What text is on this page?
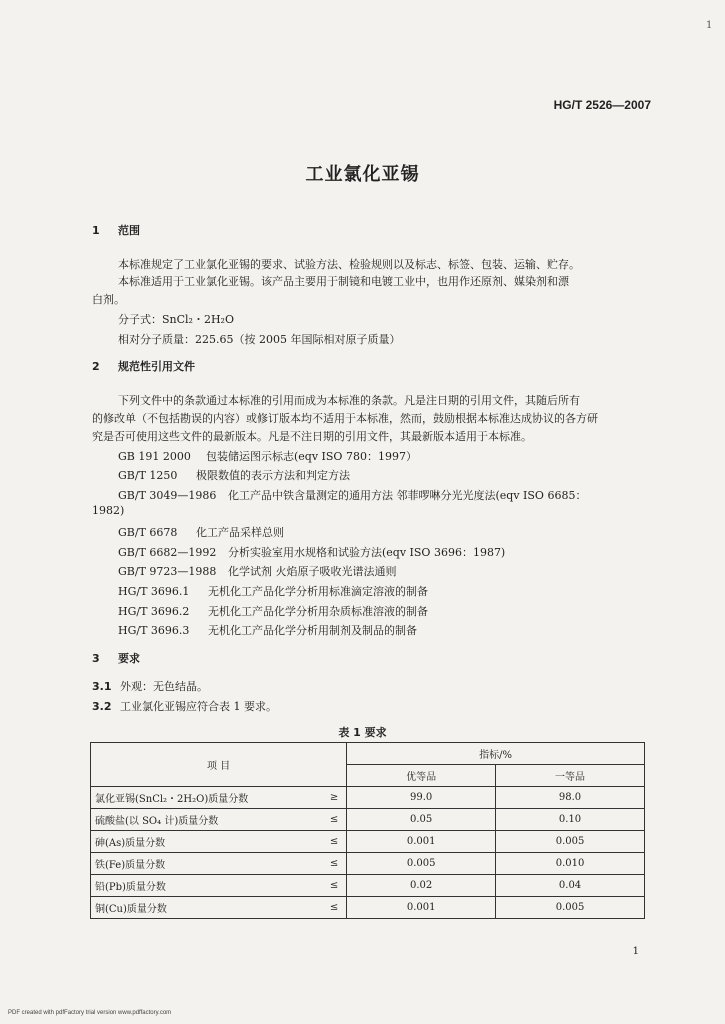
1
HG/T 2526—2007
工业氯化亚锡
1 范围
本标准规定了工业氯化亚锡的要求、试验方法、检验规则以及标志、标签、包装、运输、贮存。
本标准适用于工业氯化亚锡。该产品主要用于制镜和电镀工业中，也用作还原剂、媒染剂和漂
白剂。
分子式：SnCl₂・2H₂O
相对分子质量：225.65（按 2005 年国际相对原子质量）
2 规范性引用文件
下列文件中的条款通过本标准的引用而成为本标准的条款。凡是注日期的引用文件，其随后所有
的修改单（不包括勘误的内容）或修订版本均不适用于本标准，然而，鼓励根据本标准达成协议的各方研
究是否可使用这些文件的最新版本。凡是不注日期的引用文件，其最新版本适用于本标准。
GB 191 2000 包装储运图示标志(eqv ISO 780：1997）
GB/T 1250 极限数值的表示方法和判定方法
GB/T 3049—1986 化工产品中铁含量测定的通用方法 邻菲啰啉分光光度法(eqv ISO 6685：
1982)
GB/T 6678 化工产品采样总则
GB/T 6682—1992 分析实验室用水规格和试验方法(eqv ISO 3696：1987)
GB/T 9723—1988 化学试剂 火焰原子吸收光谱法通则
HG/T 3696.1 无机化工产品化学分析用标准滴定溶液的制备
HG/T 3696.2 无机化工产品化学分析用杂质标准溶液的制备
HG/T 3696.3 无机化工产品化学分析用制剂及制品的制备
3 要求
3.1 外观：无色结晶。
3.2 工业氯化亚锡应符合表 1 要求。
表 1 要求
项 目		指标/%	
		优等品	一等品
氯化亚锡(SnCl₂・2H₂O)质量分数	≥	99.0	98.0
硫酸盐(以 SO₄ 计)质量分数	≤	0.05	0.10
砷(As)质量分数	≤	0.001	0.005
铁(Fe)质量分数	≤	0.005	0.010
铅(Pb)质量分数	≤	0.02	0.04
铜(Cu)质量分数	≤	0.001	0.005
1
PDF created with pdfFactory trial version www.pdffactory.com
